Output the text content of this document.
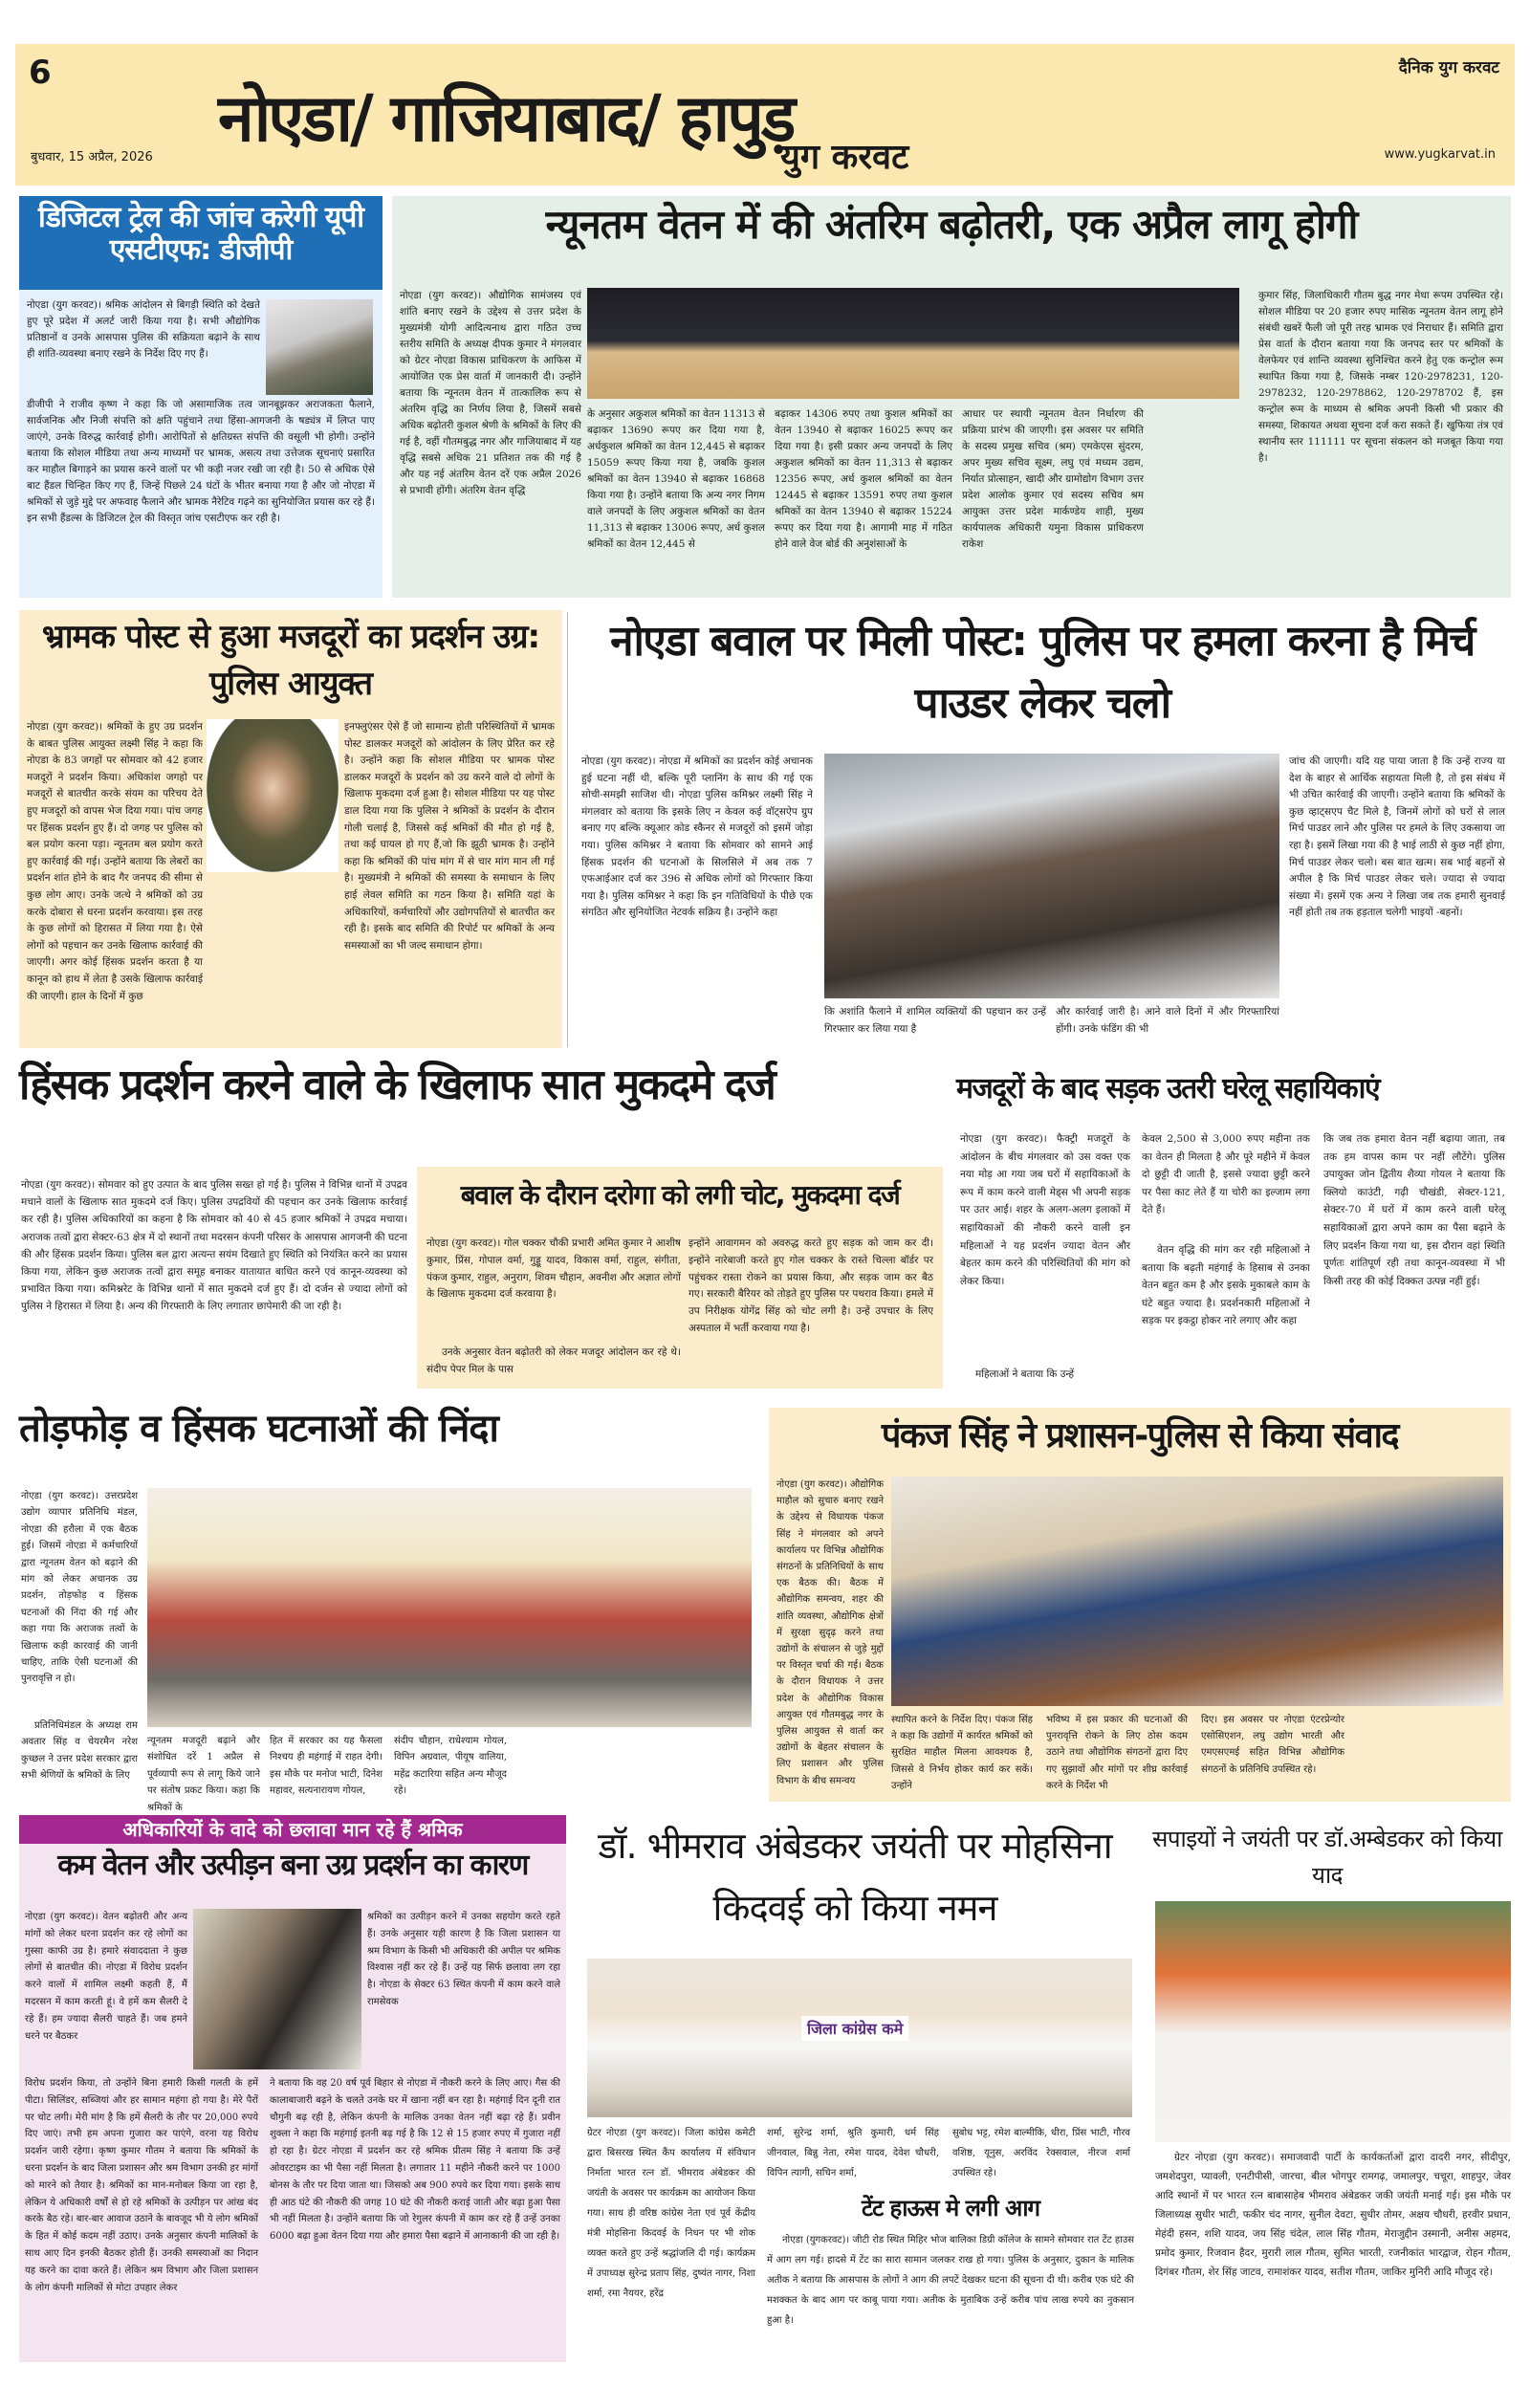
6
नोएडा/ गाजियाबाद/ हापुड़
युग करवट
दैनिक युग करवट
बुधवार, 15 अप्रैल, 2026	www.yugkarvat.in
डिजिटल ट्रेल की जांच करेगी यूपी एसटीएफ: डीजीपी
नोएडा (युग करवट)। श्रमिक आंदोलन से बिगड़ी स्थिति को देखते हुए पूरे प्रदेश में अलर्ट जारी किया गया है। सभी औद्योगिक प्रतिष्ठानों व उनके आसपास पुलिस की सक्रियता बढ़ाने के साथ ही शांति-व्यवस्था बनाए रखने के निर्देश दिए गए हैं।
डीजीपी ने राजीव कृष्ण ने कहा कि जो असामाजिक तत्व जानबूझकर अराजकता फैलाने, सार्वजनिक और निजी संपत्ति को क्षति पहुंचाने तथा हिंसा-आगजनी के षड्यंत्र में लिप्त पाए जाएंगे, उनके विरुद्ध कार्रवाई होगी। आरोपितों से क्षतिग्रस्त संपत्ति की वसूली भी होगी। उन्होंने बताया कि सोशल मीडिया तथा अन्य माध्यमों पर भ्रामक, असत्य तथा उत्तेजक सूचनाएं प्रसारित कर माहौल बिगाड़ने का प्रयास करने वालों पर भी कड़ी नजर रखी जा रही है। 50 से अधिक ऐसे बाट हैंडल चिन्हित किए गए हैं, जिन्हें पिछले 24 घंटों के भीतर बनाया गया है और जो नोएडा में श्रमिकों से जुड़े मुद्दे पर अफवाह फैलाने और भ्रामक नैरेटिव गढ़ने का सुनियोजित प्रयास कर रहे हैं। इन सभी हैंडल्स के डिजिटल ट्रेल की विस्तृत जांच एसटीएफ कर रही है।
न्यूनतम वेतन में की अंतरिम बढ़ोतरी, एक अप्रैल लागू होगी
नोएडा (युग करवट)। औद्योगिक सामंजस्य एवं शांति बनाए रखने के उद्देश्य से उत्तर प्रदेश के मुख्यमंत्री योगी आदित्यनाथ द्वारा गठित उच्च स्तरीय समिति के अध्यक्ष दीपक कुमार ने मंगलवार को ग्रेटर नोएडा विकास प्राधिकरण के आफिस में आयोजित एक प्रेस वार्ता में जानकारी दी। उन्होंने बताया कि न्यूनतम वेतन में तात्कालिक रूप से अंतरिम वृद्धि का निर्णय लिया है, जिसमें सबसे अधिक बढ़ोतरी कुशल श्रेणी के श्रमिकों के लिए की गई है, वहीं गौतमबुद्ध नगर और गाजियाबाद में यह वृद्धि सबसे अधिक 21 प्रतिशत तक की गई है और यह नई अंतरिम वेतन दरें एक अप्रैल 2026 से प्रभावी होंगी। अंतरिम वेतन वृद्धि
के अनुसार अकुशल श्रमिकों का वेतन 11313 से बढ़ाकर 13690 रूपए कर दिया गया है, अर्धकुशल श्रमिकों का वेतन 12,445 से बढ़ाकर 15059 रूपए किया गया है, जबकि कुशल श्रमिकों का वेतन 13940 से बढ़ाकर 16868 किया गया है। उन्होंने बताया कि अन्य नगर निगम वाले जनपदों के लिए अकुशल श्रमिकों का वेतन 11,313 से बढ़ाकर 13006 रूपए, अर्ध कुशल श्रमिकों का वेतन 12,445 से
बढ़ाकर 14306 रुपए तथा कुशल श्रमिकों का वेतन 13940 से बढ़ाकर 16025 रूपए कर दिया गया है। इसी प्रकार अन्य जनपदों के लिए अकुशल श्रमिकों का वेतन 11,313 से बढ़ाकर 12356 रूपए, अर्ध कुशल श्रमिकों का वेतन 12445 से बढ़ाकर 13591 रुपए तथा कुशल श्रमिकों का वेतन 13940 से बढ़ाकर 15224 रूपए कर दिया गया है। आगामी माह में गठित होने वाले वेज बोर्ड की अनुशंसाओं के
आधार पर स्थायी न्यूनतम वेतन निर्धारण की प्रक्रिया प्रारंभ की जाएगी। इस अवसर पर समिति के सदस्य प्रमुख सचिव (श्रम) एमकेएस सुंदरम, अपर मुख्य सचिव सूक्ष्म, लघु एवं मध्यम उद्यम, निर्यात प्रोत्साहन, खादी और ग्रामोद्योग विभाग उत्तर प्रदेश आलोक कुमार एवं सदस्य सचिव श्रम आयुक्त उत्तर प्रदेश मार्कण्डेय शाही, मुख्य कार्यपालक अधिकारी यमुना विकास प्राधिकरण राकेश
कुमार सिंह, जिलाधिकारी गौतम बुद्ध नगर मेधा रूपम उपस्थित रहे। सोशल मीडिया पर 20 हजार रुपए मासिक न्यूनतम वेतन लागू होने संबंधी खबरें फैली जो पूरी तरह भ्रामक एवं निराधार हैं। समिति द्वारा प्रेस वार्ता के दौरान बताया गया कि जनपद स्तर पर श्रमिकों के वेलफेयर एवं शान्ति व्यवस्था सुनिश्चित करने हेतु एक कन्ट्रोल रूम स्थापित किया गया है, जिसके नम्बर 120-2978231, 120-2978232, 120-2978862, 120-2978702 हैं, इस कन्ट्रोल रूम के माध्यम से श्रमिक अपनी किसी भी प्रकार की समस्या, शिकायत अथवा सूचना दर्ज करा सकते हैं। खुफिया तंत्र एवं स्थानीय स्तर 111111 पर सूचना संकलन को मजबूत किया गया है।
भ्रामक पोस्ट से हुआ मजदूरों का प्रदर्शन उग्र: पुलिस आयुक्त
नोएडा (युग करवट)। श्रमिकों के हुए उग्र प्रदर्शन के बाबत पुलिस आयुक्त लक्ष्मी सिंह ने कहा कि नोएडा के 83 जगहों पर सोमवार को 42 हजार मजदूरों ने प्रदर्शन किया। अधिकांश जगहो पर मजदूरों से बातचीत करके संयम का परिचय देते हुए मजदूरों को वापस भेज दिया गया। पांच जगह पर हिंसक प्रदर्शन हुए हैं। दो जगह पर पुलिस को बल प्रयोग करना पड़ा। न्यूनतम बल प्रयोग करते हुए कार्रवाई की गई। उन्होंने बताया कि लेबरों का प्रदर्शन शांत होने के बाद गैर जनपद की सीमा से कुछ लोग आए। उनके जत्थे ने श्रमिकों को उग्र करके दोबारा से धरना प्रदर्शन करवाया। इस तरह के कुछ लोगों को हिरासत में लिया गया है। ऐसे लोगों को पहचान कर उनके खिलाफ कार्रवाई की जाएगी। अगर कोई हिंसक प्रदर्शन करता है या कानून को हाथ में लेता है उसके खिलाफ कार्रवाई की जाएगी। हाल के दिनों में कुछ
इनफ्लुएंसर ऐसे हैं जो सामान्य होती परिस्थितियों में भ्रामक पोस्ट डालकर मजदूरों को आंदोलन के लिए प्रेरित कर रहे है। उन्होंने कहा कि सोशल मीडिया पर भ्रामक पोस्ट डालकर मजदूरों के प्रदर्शन को उग्र करने वाले दो लोगों के खिलाफ मुकदमा दर्ज हुआ है। सोशल मीडिया पर यह पोस्ट डाल दिया गया कि पुलिस ने श्रमिकों के प्रदर्शन के दौरान गोली चलाई है, जिससे कई श्रमिकों की मौत हो गई है, तथा कई घायल हो गए हैं,जो कि झूठी भ्रामक है। उन्होंने कहा कि श्रमिकों की पांच मांग में से चार मांग मान ली गई है। मुख्यमंत्री ने श्रमिकों की समस्या के समाधान के लिए हाई लेवल समिति का गठन किया है। समिति यहां के अधिकारियों, कर्मचारियों और उद्योगपतियों से बातचीत कर रही है। इसके बाद समिति की रिपोर्ट पर श्रमिकों के अन्य समस्याओं का भी जल्द समाधान होगा।
नोएडा बवाल पर मिली पोस्ट: पुलिस पर हमला करना है मिर्च पाउडर लेकर चलो
नोएडा (युग करवट)। नोएडा में श्रमिकों का प्रदर्शन कोई अचानक हुई घटना नहीं थी, बल्कि पूरी प्लानिंग के साथ की गई एक सोची-समझी साजिश थी। नोएडा पुलिस कमिश्नर लक्ष्मी सिंह ने मंगलवार को बताया कि इसके लिए न केवल कई वॉट्सऐप ग्रुप बनाए गए बल्कि क्यूआर कोड स्कैनर से मजदूरों को इसमें जोड़ा गया। पुलिस कमिश्नर ने बताया कि सोमवार को सामने आई हिंसक प्रदर्शन की घटनाओं के सिलसिले में अब तक 7 एफआईआर दर्ज कर 396 से अधिक लोगों को गिरफ्तार किया गया है। पुलिस कमिश्नर ने कहा कि इन गतिविधियों के पीछे एक संगठित और सुनियोजित नेटवर्क सक्रिय है। उन्होंने कहा
कि अशांति फैलाने में शामिल व्यक्तियों की पहचान कर उन्हें गिरफ्तार कर लिया गया है
और कार्रवाई जारी है। आने वाले दिनों में और गिरफ्तारियां होंगी। उनके फंडिंग की भी
जांच की जाएगी। यदि यह पाया जाता है कि उन्हें राज्य या देश के बाहर से आर्थिक सहायता मिली है, तो इस संबंध में भी उचित कार्रवाई की जाएगी। उन्होंने बताया कि श्रमिकों के कुछ व्हाट्सएप चैट मिले है, जिनमें लोगों को घरों से लाल मिर्च पाउडर लाने और पुलिस पर हमले के लिए उकसाया जा रहा है। इसमें लिखा गया की है भाई लाठी से कुछ नहीं होगा, मिर्च पाउडर लेकर चलो। बस बात खत्म। सब भाई बहनों से अपील है कि मिर्च पाउडर लेकर चले। ज्यादा से ज्यादा संख्या में। इसमें एक अन्य ने लिखा जब तक हमारी सुनवाई नहीं होती तब तक हड़ताल चलेगी भाइयों -बहनों।
हिंसक प्रदर्शन करने वाले के खिलाफ सात मुकदमे दर्ज
नोएडा (युग करवट)। सोमवार को हुए उत्पात के बाद पुलिस सख्त हो गई है। पुलिस ने विभिन्न थानों में उपद्रव मचाने वालों के खिलाफ सात मुकदमे दर्ज किए। पुलिस उपद्रवियों की पहचान कर उनके खिलाफ कार्रवाई कर रही है। पुलिस अधिकारियों का कहना है कि सोमवार को 40 से 45 हजार श्रमिकों ने उपद्रव मचाया। अराजक तत्वों द्वारा सेक्टर-63 क्षेत्र में दो स्थानों तथा मदरसन कंपनी परिसर के आसपास आगजनी की घटना की और हिंसक प्रदर्शन किया। पुलिस बल द्वारा अत्यन्त सयंम दिखाते हुए स्थिति को नियंत्रित करने का प्रयास किया गया, लेकिन कुछ अराजक तत्वों द्वारा समूह बनाकर यातायात बाधित करने एवं कानून-व्यवस्था को प्रभावित किया गया। कमिश्नरेट के विभिन्न थानों में सात मुकदमे दर्ज हुए हैं। दो दर्जन से ज्यादा लोगों को पुलिस ने हिरासत में लिया है। अन्य की गिरफ्तारी के लिए लगातार छापेमारी की जा रही है।
बवाल के दौरान दरोगा को लगी चोट, मुकदमा दर्ज
नोएडा (युग करवट)। गोल चक्कर चौकी प्रभारी अमित कुमार ने आशीष कुमार, प्रिंस, गोपाल वर्मा, गुड्डू यादव, विकास वर्मा, राहुल, संगीता, पंकज कुमार, राहुल, अनुराग, शिवम चौहान, अवनीश और अज्ञात लोगों के खिलाफ मुकदमा दर्ज करवाया है।
उनके अनुसार वेतन बढ़ोतरी को लेकर मजदूर आंदोलन कर रहे थे। संदीप पेपर मिल के पास
इन्होंने आवागमन को अवरुद्ध करते हुए सड़क को जाम कर दी। इन्होंने नारेबाजी करते हुए गोल चक्कर के रास्ते चिल्ला बॉर्डर पर पहुंचकर रास्ता रोकने का प्रयास किया, और सड़क जाम कर बैठ गए। सरकारी बैरियर को तोड़ते हुए पुलिस पर पथराव किया। हमले में उप निरीक्षक योगेंद्र सिंह को चोट लगी है। उन्हें उपचार के लिए अस्पताल में भर्ती करवाया गया है।
मजदूरों के बाद सड़क उतरी घरेलू सहायिकाएं
नोएडा (युग करवट)। फैक्ट्री मजदूरों के आंदोलन के बीच मंगलवार को उस वक्त एक नया मोड़ आ गया जब घरों में सहायिकाओं के रूप में काम करने वाली मेड्स भी अपनी सड़क पर उतर आईं। शहर के अलग-अलग इलाकों में सहायिकाओं की नौकरी करने वाली इन महिलाओं ने यह प्रदर्शन ज्यादा वेतन और बेहतर काम करने की परिस्थितियों की मांग को लेकर किया।
महिलाओं ने बताया कि उन्हें
केवल 2,500 से 3,000 रुपए महीना तक का वेतन ही मिलता है और पूरे महीने में केवल दो छुट्टी दी जाती है, इससे ज्यादा छुट्टी करने पर पैसा काट लेते हैं या चोरी का इल्जाम लगा देते हैं।
वेतन वृद्धि की मांग कर रही महिलाओं ने बताया कि बढ़ती महंगाई के हिसाब से उनका वेतन बहुत कम है और इसके मुकाबले काम के घंटे बहुत ज्यादा है। प्रदर्शनकारी महिलाओं ने सड़क पर इकट्ठा होकर नारे लगाए और कहा
कि जब तक हमारा वेतन नहीं बढ़ाया जाता, तब तक हम वापस काम पर नहीं लौटेंगे। पुलिस उपायुक्त जोन द्वितीय शैव्या गोयल ने बताया कि क्लियो काउंटी, गढ़ी चौखंडी, सेक्टर-121, सेक्टर-70 में घरों में काम करने वाली घरेलू सहायिकाओं द्वारा अपने काम का पैसा बढ़ाने के लिए प्रदर्शन किया गया था, इस दौरान वहां स्थिति पूर्णतः शांतिपूर्ण रही तथा कानून-व्यवस्था में भी किसी तरह की कोई दिक्कत उत्पन्न नहीं हुई।
तोड़फोड़ व हिंसक घटनाओं की निंदा
नोएडा (युग करवट)। उत्तरप्रदेश उद्योग व्यापार प्रतिनिधि मंडल, नोएडा की हरौला में एक बैठक हुई। जिसमें नोएडा में कर्मचारियों द्वारा न्यूनतम वेतन को बढ़ाने की मांग को लेकर अचानक उग्र प्रदर्शन, तोड़फोड़ व हिंसक घटनाओं की निंदा की गई और कहा गया कि अराजक तत्वों के खिलाफ कड़ी कारवाई की जानी चाहिए, ताकि ऐसी घटनाओं की पुनरावृत्ति न हो।
प्रतिनिधिमंडल के अध्यक्ष राम अवतार सिंह व चेयरमैन नरेश कुच्छल ने उत्तर प्रदेश सरकार द्वारा सभी श्रेणियों के श्रमिकों के लिए
न्यूनतम मजदूरी बढ़ाने और संशोधित दरें 1 अप्रैल से पूर्वव्यापी रूप से लागू किये जाने पर संतोष प्रकट किया। कहा कि श्रमिकों के
हित में सरकार का यह फैसला निश्चय ही महंगाई में राहत देगी। इस मौके पर मनोज भाटी, दिनेश महावर, सत्यनारायण गोयल,
संदीप चौहान, राधेश्याम गोयल, विपिन अग्रवाल, पीयूष वालिया, महेंद्र कटारिया सहित अन्य मौजूद रहे।
पंकज सिंह ने प्रशासन-पुलिस से किया संवाद
नोएडा (युग करवट)। औद्योगिक माहौल को सुचारु बनाए रखने के उद्देश्य से विधायक पंकज सिंह ने मंगलवार को अपने कार्यालय पर विभिन्न औद्योगिक संगठनों के प्रतिनिधियों के साथ एक बैठक की। बैठक में औद्योगिक समन्वय, शहर की शांति व्यवस्था, औद्योगिक क्षेत्रों में सुरक्षा सुदृढ़ करने तथा उद्योगों के संचालन से जुड़े मुद्दों पर विस्तृत चर्चा की गई। बैठक के दौरान विधायक ने उत्तर प्रदेश के औद्योगिक विकास आयुक्त एवं गौतमबुद्ध नगर के पुलिस आयुक्त से वार्ता कर उद्योगों के बेहतर संचालन के लिए प्रशासन और पुलिस विभाग के बीच समन्वय
स्थापित करने के निर्देश दिए। पंकज सिंह ने कहा कि उद्योगों में कार्यरत श्रमिकों को सुरक्षित माहौल मिलना आवश्यक है, जिससे वे निर्भय होकर कार्य कर सकें। उन्होंने
भविष्य में इस प्रकार की घटनाओं की पुनरावृत्ति रोकने के लिए ठोस कदम उठाने तथा औद्योगिक संगठनों द्वारा दिए गए सुझावों और मांगों पर शीघ्र कार्रवाई करने के निर्देश भी
दिए। इस अवसर पर नोएडा एंटरप्रेन्योर एसोसिएशन, लघु उद्योग भारती और एमएसएमई सहित विभिन्न औद्योगिक संगठनों के प्रतिनिधि उपस्थित रहे।
अधिकारियों के वादे को छलावा मान रहे हैं श्रमिक
कम वेतन और उत्पीड़न बना उग्र प्रदर्शन का कारण
नोएडा (युग करवट)। वेतन बढ़ोतरी और अन्य मांगों को लेकर धरना प्रदर्शन कर रहे लोगों का गुस्सा काफी उग्र है। हमारे संवाददाता ने कुछ लोगों से बातचीत की। नोएडा में विरोध प्रदर्शन करने वालों में शामिल लक्ष्मी कहती हैं, मैं मदरसन में काम करती हूं। वे हमें कम सैलरी दे रहे हैं। हम ज्यादा सैलरी चाहते हैं। जब हमने धरने पर बैठकर
विरोध प्रदर्शन किया, तो उन्होंने बिना हमारी किसी गलती के हमें पीटा। सिलिंडर, सब्जियां और हर सामान महंगा हो गया है। मेरे पैरों पर चोट लगी। मेरी मांग है कि हमें सैलरी के तौर पर 20,000 रुपये दिए जाएं। तभी हम अपना गुजारा कर पाएंगे, वरना यह विरोध प्रदर्शन जारी रहेगा। कृष्ण कुमार गौतम ने बताया कि श्रमिकों के धरना प्रदर्शन के बाद जिला प्रशासन और श्रम विभाग उनकी हर मांगों को मारने को तैयार है। श्रमिकों का मान-मनोबल किया जा रहा है, लेकिन ये अधिकारी वर्षों से हो रहे श्रमिकों के उत्पीड़न पर आंख बंद करके बैठ रहे। बार-बार आवाज उठाने के बावजूद भी ये लोग श्रमिकों के हित में कोई कदम नहीं उठाए। उनके अनुसार कंपनी मालिकों के साथ आए दिन इनकी बैठकर होती हैं। उनकी समस्याओं का निदान यह करने का दावा करते हैं। लेकिन श्रम विभाग और जिला प्रशासन के लोग कंपनी मालिकों से मोटा उपहार लेकर
श्रमिकों का उत्पीड़न करने में उनका सहयोग करते रहते हैं। उनके अनुसार यही कारण है कि जिला प्रशासन या श्रम विभाग के किसी भी अधिकारी की अपील पर श्रमिक विश्वास नहीं कर रहे हैं। उन्हें यह सिर्फ छलावा लग रहा है। नोएडा के सेक्टर 63 स्थित कंपनी में काम करने वाले रामसेवक
ने बताया कि वह 20 वर्ष पूर्व बिहार से नोएडा में नौकरी करने के लिए आए। गैस की कालाबाजारी बढ़ने के चलते उनके घर में खाना नहीं बन रहा है। महंगाई दिन दूनी रात चौगुनी बढ़ रही है, लेकिन कंपनी के मालिक उनका वेतन नहीं बढ़ा रहे हैं। प्रवीन शुक्ला ने कहा कि महंगाई इतनी बढ़ गई है कि 12 से 15 हजार रुपए में गुजारा नहीं हो रहा है। ग्रेटर नोएडा में प्रदर्शन कर रहे श्रमिक प्रीतम सिंह ने बताया कि उन्हें ओवरटाइम का भी पैसा नहीं मिलता है। लगातार 11 महीने नौकरी करने पर 1000 बोनस के तौर पर दिया जाता था। जिसको अब 900 रुपये कर दिया गया। इसके साथ ही आठ घंटे की नौकरी की जगह 10 घंटे की नौकरी कराई जाती और बढ़ा हुआ पैसा भी नहीं मिलता है। उन्होंने बताया कि जो रेगुलर कंपनी में काम कर रहे हैं उन्हें उनका 6000 बढ़ा हुआ वेतन दिया गया और हमारा पैसा बढ़ाने में आनाकानी की जा रही है।
डॉ. भीमराव अंबेडकर जयंती पर मोहसिना किदवई को किया नमन
जिला कांग्रेस कमे
ग्रेटर नोएडा (युग करवट)। जिला कांग्रेस कमेटी द्वारा बिसरख स्थित कैंप कार्यालय में संविधान निर्माता भारत रत्न डॉ. भीमराव अंबेडकर की जयंती के अवसर पर कार्यक्रम का आयोजन किया गया। साथ ही वरिष्ठ कांग्रेस नेता एवं पूर्व केंद्रीय मंत्री मोहसिना किदवई के निधन पर भी शोक व्यक्त करते हुए उन्हें श्रद्धांजलि दी गई। कार्यक्रम में उपाध्यक्ष सुरेन्द्र प्रताप सिंह, दुष्यंत नागर, निशा शर्मा, रमा नैययर, हरेंद्र
शर्मा, सुरेन्द्र शर्मा, श्रुति कुमारी, धर्म सिंह जीनवाल, बिन्नु नेता, रमेश यादव, देवेश चौधरी, विपिन त्यागी, सचिन शर्मा,
सुबोध भट्ट, रमेश बाल्मीकि, धीरा, प्रिंस भाटी, गौरव वशिष्ठ, यूनुस, अरविंद रेक्सवाल, नीरज शर्मा उपस्थित रहे।
टेंट हाऊस मे लगी आग
नोएडा (युगकरवट)। जीटी रोड स्थित मिहिर भोज बालिका डिग्री कॉलेज के सामने सोमवार रात टेंट हाउस में आग लग गई। हादसे में टेंट का सारा सामान जलकर राख हो गया। पुलिस के अनुसार, दुकान के मालिक अतीक ने बताया कि आसपास के लोगों ने आग की लपटें देखकर घटना की सूचना दी थी। करीब एक घंटे की मशक्कत के बाद आग पर काबू पाया गया। अतीक के मुताबिक उन्हें करीब पांच लाख रुपये का नुकसान हुआ है।
सपाइयों ने जयंती पर डॉ.अम्बेडकर को किया याद
ग्रेटर नोएडा (युग करवट)। समाजवादी पार्टी के कार्यकर्ताओं द्वारा दादरी नगर, सीदीपुर, जमशेदपुरा, प्यावली, एनटीपीसी, जारचा, बील भोगपुर रामगढ़, जमालपुर, चचूरा, शाहपुर, जेवर आदि स्थानों में पर भारत रत्न बाबासाहेब भीमराव अंबेडकर जकी जयंती मनाई गई। इस मौके पर जिलाध्यक्ष सुधीर भाटी, फकीर चंद नागर, सुनील देवटा, सुधीर तोमर, अक्षय चौधरी, हरवीर प्रधान, मेहंदी हसन, शशि यादव, जय सिंह चंदेल, लाल सिंह गौतम, मेराजुद्दीन उस्मानी, अनीस अहमद, प्रमोद कुमार, रिजवान हैदर, मुरारी लाल गौतम, सुमित भारती, रजनीकांत भारद्वाज, रोहन गौतम, दिगंबर गौतम, शेर सिंह जाटव, रामाशंकर यादव, सतीश गौतम, जाकिर मुनिरी आदि मौजूद रहे।
